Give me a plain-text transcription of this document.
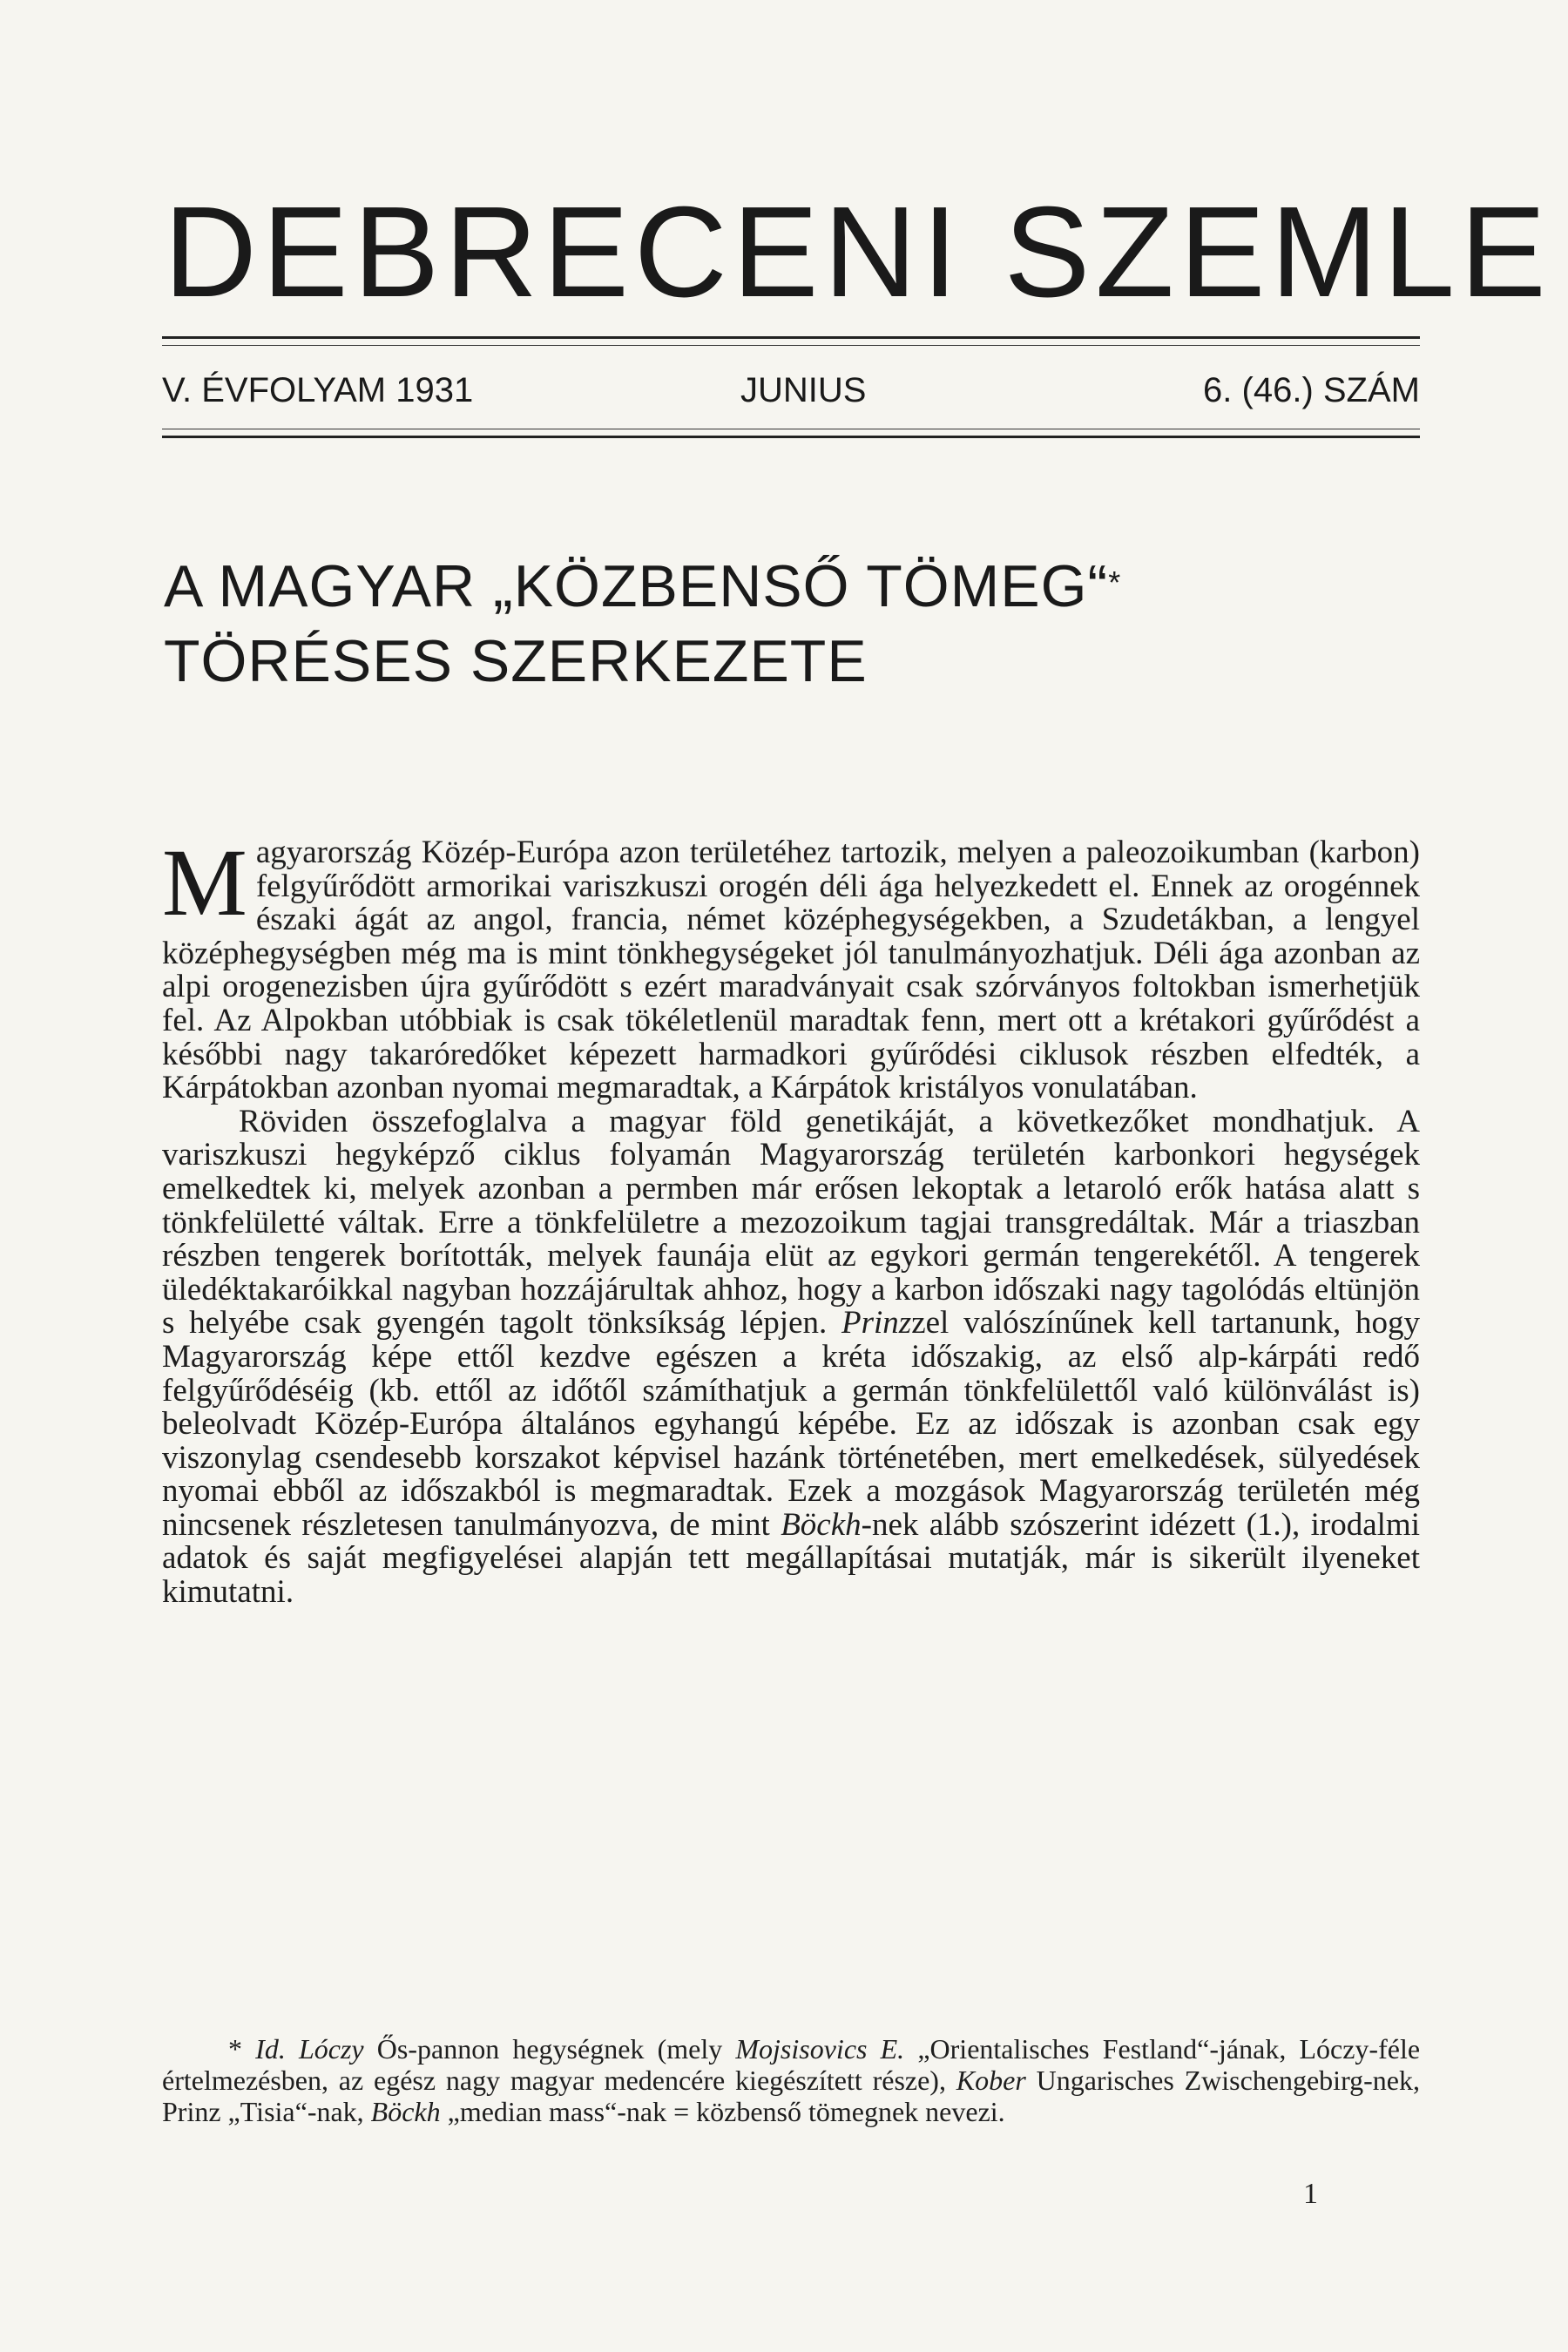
DEBRECENI SZEMLE
V. ÉVFOLYAM 1931	JUNIUS	6. (46.) SZÁM
A MAGYAR „KÖZBENSŐ TÖMEG“*
TÖRÉSES SZERKEZETE

Magyarország Közép-Európa azon területéhez tartozik, melyen a paleozoikumban (karbon) felgyűrődött armorikai variszkuszi orogén déli ága helyezkedett el. Ennek az orogénnek északi ágát az angol, francia, német középhegységekben, a Szudetákban, a lengyel középhegységben még ma is mint tönkhegységeket jól tanulmányozhatjuk. Déli ága azonban az alpi orogenezisben újra gyűrődött s ezért maradványait csak szórványos foltokban ismerhetjük fel. Az Alpokban utóbbiak is csak tökéletlenül maradtak fenn, mert ott a krétakori gyűrődést a későbbi nagy takaróredőket képezett harmadkori gyűrődési ciklusok részben elfedték, a Kárpátokban azonban nyomai megmaradtak, a Kárpátok kristályos vonulatában.

Röviden összefoglalva a magyar föld genetikáját, a következőket mondhatjuk. A variszkuszi hegyképző ciklus folyamán Magyarország területén karbonkori hegységek emelkedtek ki, melyek azonban a permben már erősen lekoptak a letaroló erők hatása alatt s tönkfelületté váltak. Erre a tönkfelületre a mezozoikum tagjai transgredáltak. Már a triaszban részben tengerek borították, melyek faunája elüt az egykori germán tengerekétől. A tengerek üledéktakaróikkal nagyban hozzájárultak ahhoz, hogy a karbon időszaki nagy tagolódás eltünjön s helyébe csak gyengén tagolt tönksíkság lépjen. Prinzzel valószínűnek kell tartanunk, hogy Magyarország képe ettől kezdve egészen a kréta időszakig, az első alp-kárpáti redő felgyűrődéséig (kb. ettől az időtől számíthatjuk a germán tönkfelülettől való különválást is) beleolvadt Közép-Európa általános egyhangú képébe. Ez az időszak is azonban csak egy viszonylag csendesebb korszakot képvisel hazánk történetében, mert emelkedések, sülyedések nyomai ebből az időszakból is megmaradtak. Ezek a mozgások Magyarország területén még nincsenek részletesen tanulmányozva, de mint Böckh-nek alább szószerint idézett (1.), irodalmi adatok és saját megfigyelései alapján tett megállapításai mutatják, már is sikerült ilyeneket kimutatni.

* Id. Lóczy Ős-pannon hegységnek (mely Mojsisovics E. „Orientalisches Festland“-jának, Lóczy-féle értelmezésben, az egész nagy magyar medencére kiegészített része), Kober Ungarisches Zwischengebirg-nek, Prinz „Tisia“-nak, Böckh „median mass“-nak = közbenső tömegnek nevezi.

1
